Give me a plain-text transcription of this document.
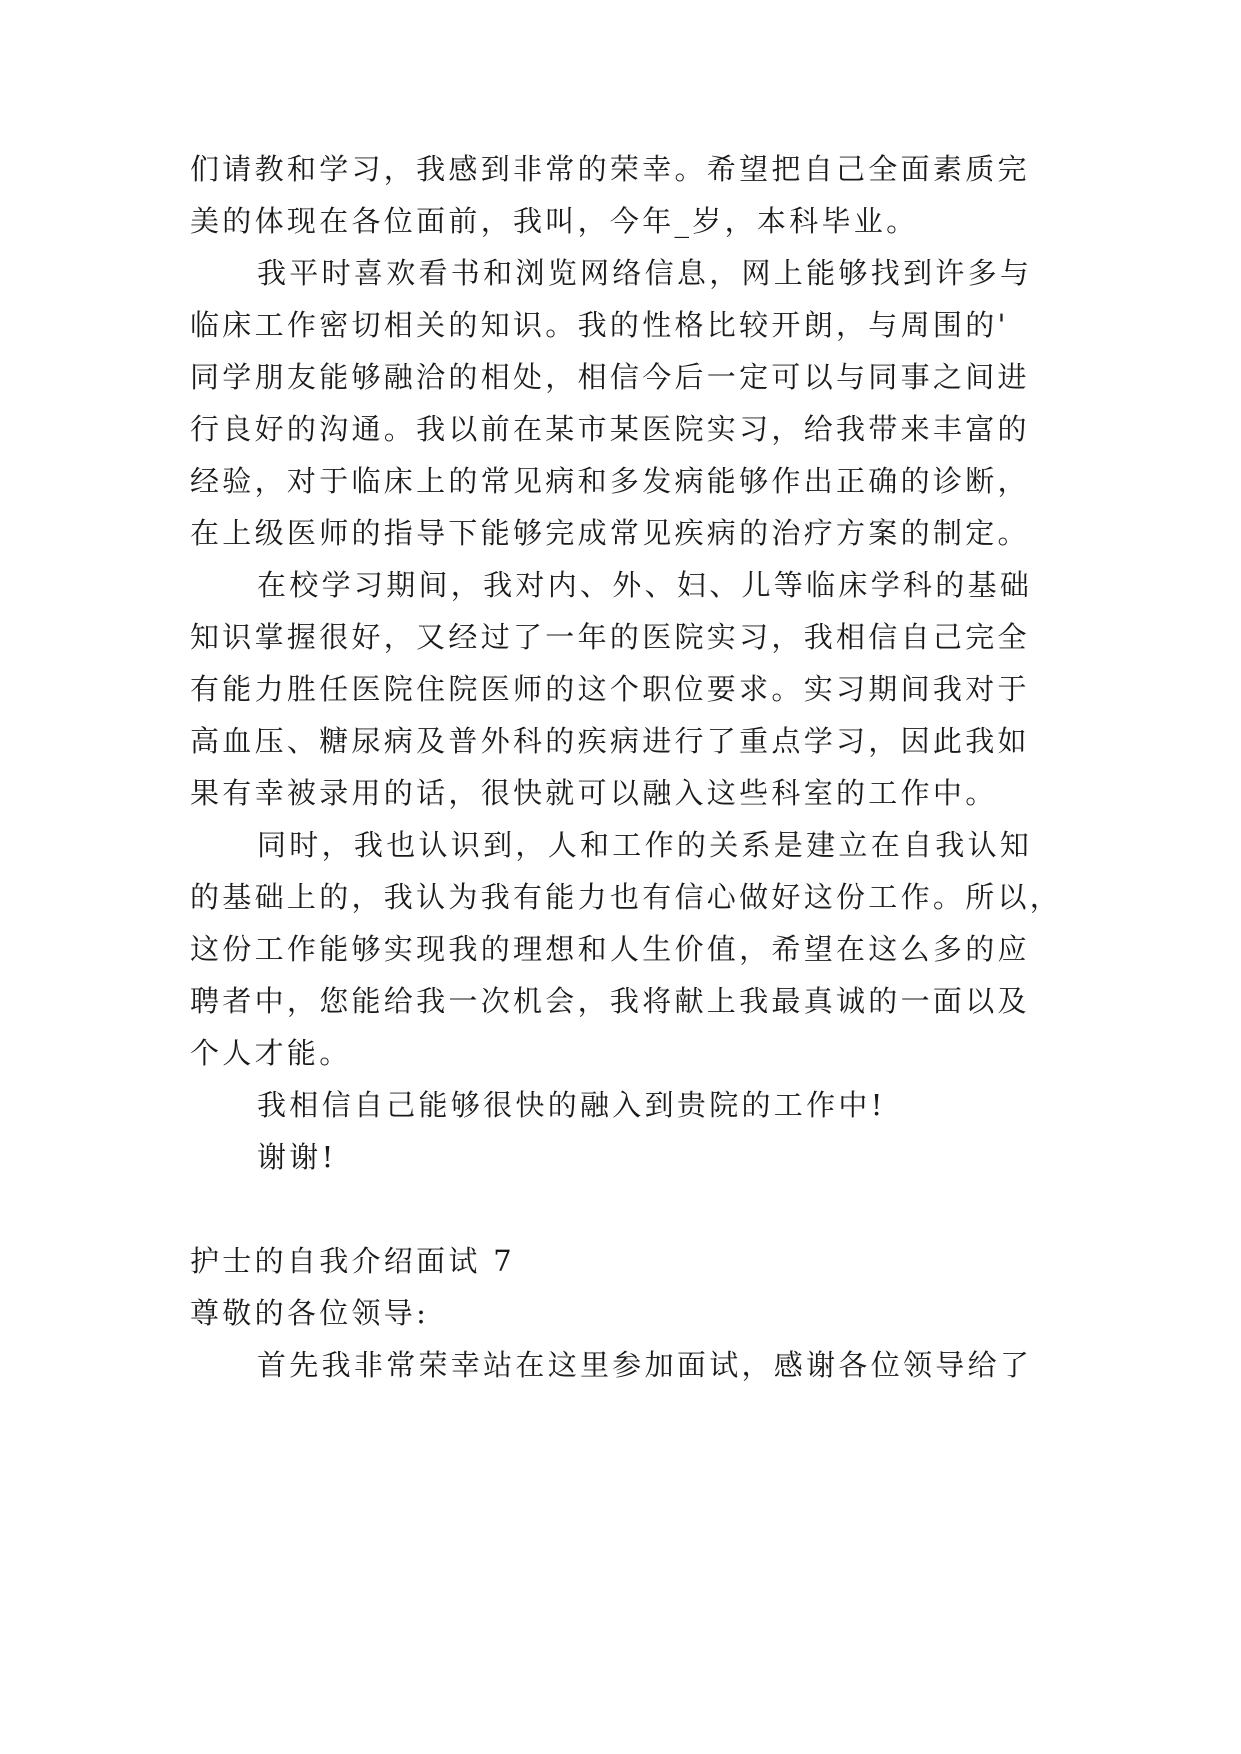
们请教和学习，我感到非常的荣幸。希望把自己全面素质完
美的体现在各位面前，我叫，今年_岁，本科毕业。
我平时喜欢看书和浏览网络信息，网上能够找到许多与
临床工作密切相关的知识。我的性格比较开朗，与周围的'
同学朋友能够融洽的相处，相信今后一定可以与同事之间进
行良好的沟通。我以前在某市某医院实习，给我带来丰富的
经验，对于临床上的常见病和多发病能够作出正确的诊断，
在上级医师的指导下能够完成常见疾病的治疗方案的制定。
在校学习期间，我对内、外、妇、儿等临床学科的基础
知识掌握很好，又经过了一年的医院实习，我相信自己完全
有能力胜任医院住院医师的这个职位要求。实习期间我对于
高血压、糖尿病及普外科的疾病进行了重点学习，因此我如
果有幸被录用的话，很快就可以融入这些科室的工作中。
同时，我也认识到，人和工作的关系是建立在自我认知
的基础上的，我认为我有能力也有信心做好这份工作。所以，
这份工作能够实现我的理想和人生价值，希望在这么多的应
聘者中，您能给我一次机会，我将献上我最真诚的一面以及
个人才能。
我相信自己能够很快的融入到贵院的工作中!
谢谢!
护士的自我介绍面试 7
尊敬的各位领导:
首先我非常荣幸站在这里参加面试，感谢各位领导给了
